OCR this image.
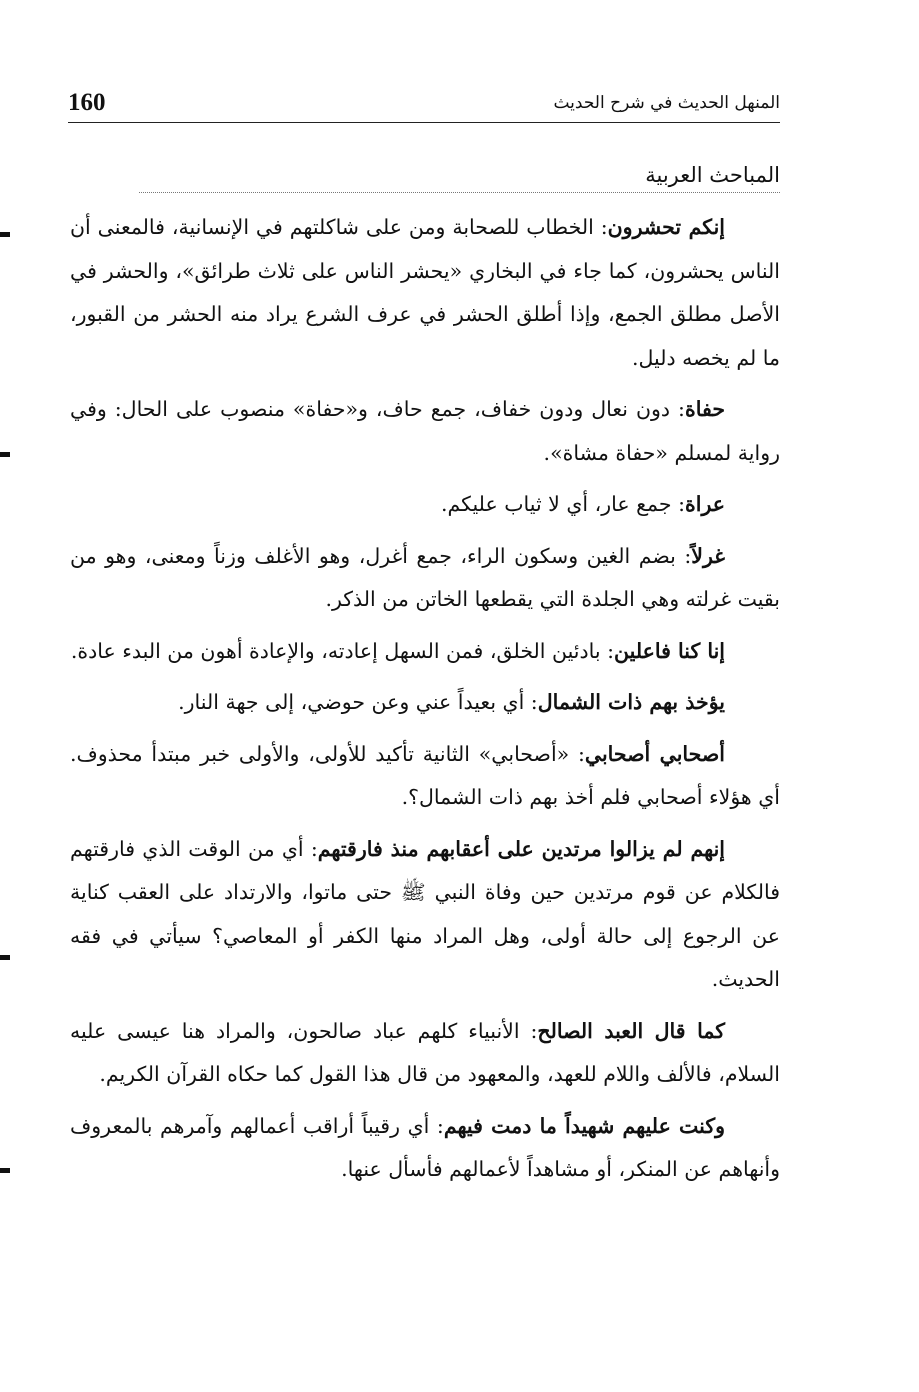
160	المنهل الحديث في شرح الحديث
المباحث العربية

إنكم تحشرون: الخطاب للصحابة ومن على شاكلتهم في الإنسانية، فالمعنى أن الناس يحشرون، كما جاء في البخاري «يحشر الناس على ثلاث طرائق»، والحشر في الأصل مطلق الجمع، وإذا أطلق الحشر في عرف الشرع يراد منه الحشر من القبور، ما لم يخصه دليل.

حفاة: دون نعال ودون خفاف، جمع حاف، و«حفاة» منصوب على الحال: وفي رواية لمسلم «حفاة مشاة».

عراة: جمع عار، أي لا ثياب عليكم.

غرلاً: بضم الغين وسكون الراء، جمع أغرل، وهو الأغلف وزناً ومعنى، وهو من بقيت غرلته وهي الجلدة التي يقطعها الخاتن من الذكر.

إنا كنا فاعلين: بادئين الخلق، فمن السهل إعادته، والإعادة أهون من البدء عادة.

يؤخذ بهم ذات الشمال: أي بعيداً عني وعن حوضي، إلى جهة النار.

أصحابي أصحابي: «أصحابي» الثانية تأكيد للأولى، والأولى خبر مبتدأ محذوف. أي هؤلاء أصحابي فلم أخذ بهم ذات الشمال؟.

إنهم لم يزالوا مرتدين على أعقابهم منذ فارقتهم: أي من الوقت الذي فارقتهم فالكلام عن قوم مرتدين حين وفاة النبي ﷺ حتى ماتوا، والارتداد على العقب كناية عن الرجوع إلى حالة أولى، وهل المراد منها الكفر أو المعاصي؟ سيأتي في فقه الحديث.

كما قال العبد الصالح: الأنبياء كلهم عباد صالحون، والمراد هنا عيسى عليه السلام، فالألف واللام للعهد، والمعهود من قال هذا القول كما حكاه القرآن الكريم.

وكنت عليهم شهيداً ما دمت فيهم: أي رقيباً أراقب أعمالهم وآمرهم بالمعروف وأنهاهم عن المنكر، أو مشاهداً لأعمالهم فأسأل عنها.
